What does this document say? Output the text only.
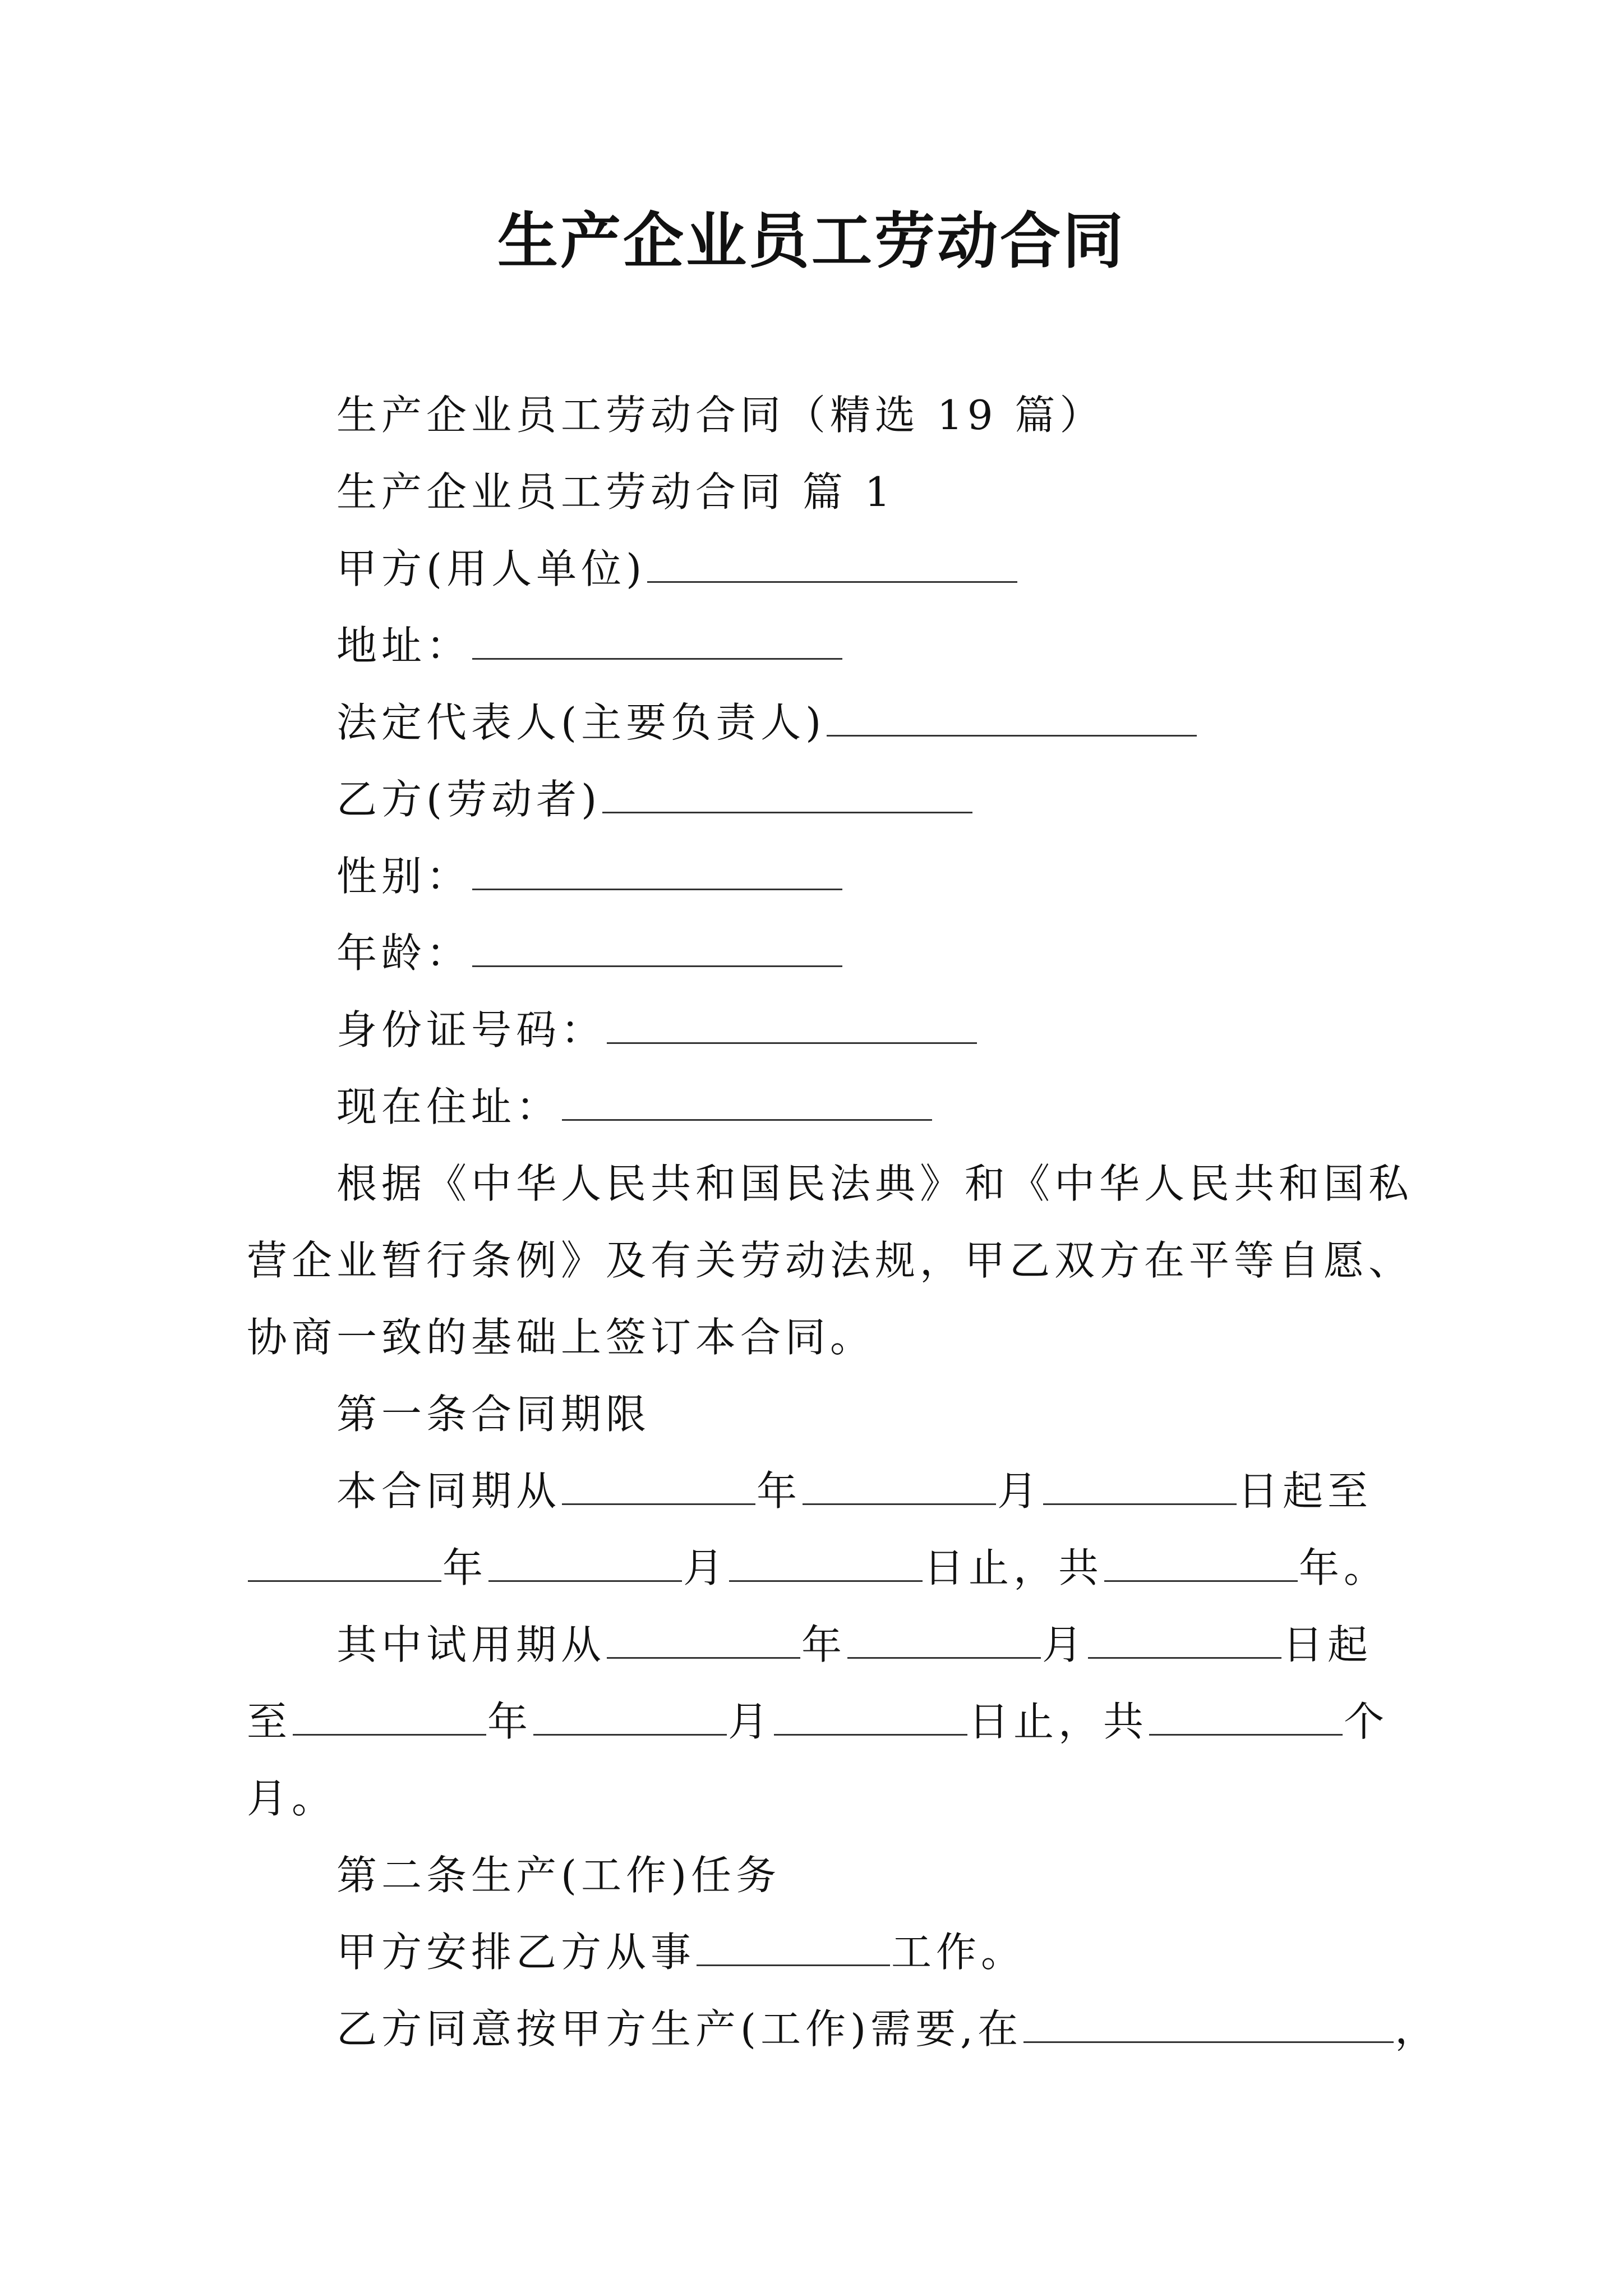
生产企业员工劳动合同
生产企业员工劳动合同（精选 19 篇）
生产企业员工劳动合同 篇 1
甲方(用人单位)
地址：
法定代表人(主要负责人)
乙方(劳动者)
性别：
年龄：
身份证号码：
现在住址：
根据《中华人民共和国民法典》和《中华人民共和国私
营企业暂行条例》及有关劳动法规，甲乙双方在平等自愿、
协商一致的基础上签订本合同。
第一条合同期限
本合同期从	年	月	日起至
年	月	日止，共	年。
其中试用期从	年	月	日起
至	年	月	日止，共	个
月。
第二条生产(工作)任务
甲方安排乙方从事	工作。
乙方同意按甲方生产(工作)需要,在	，
